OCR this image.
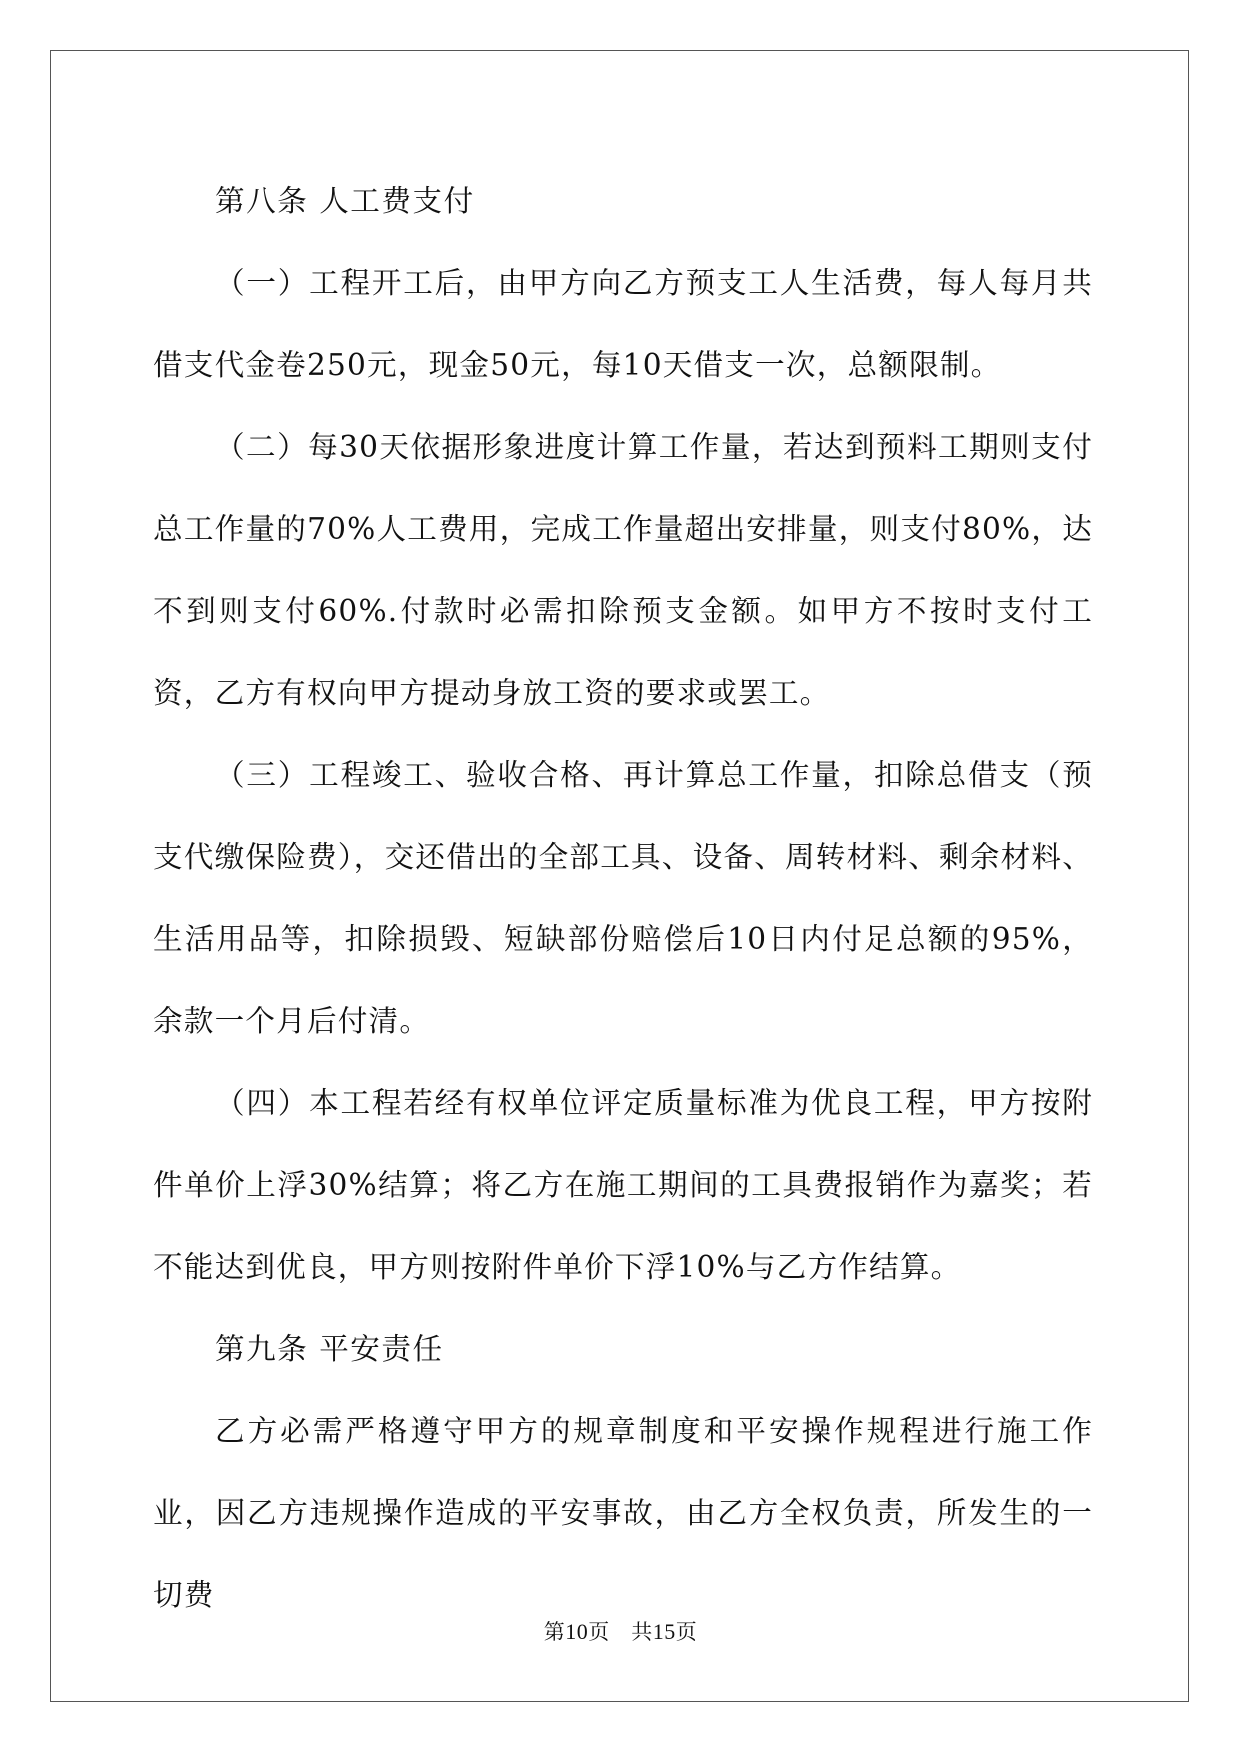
第八条 人工费支付

（一）工程开工后，由甲方向乙方预支工人生活费，每人每月共借支代金卷250元，现金50元，每10天借支一次，总额限制。

（二）每30天依据形象进度计算工作量，若达到预料工期则支付总工作量的70%人工费用，完成工作量超出安排量，则支付80%，达不到则支付60%.付款时必需扣除预支金额。如甲方不按时支付工资，乙方有权向甲方提动身放工资的要求或罢工。

（三）工程竣工、验收合格、再计算总工作量，扣除总借支（预支代缴保险费），交还借出的全部工具、设备、周转材料、剩余材料、生活用品等，扣除损毁、短缺部份赔偿后10日内付足总额的95%，余款一个月后付清。

（四）本工程若经有权单位评定质量标准为优良工程，甲方按附件单价上浮30%结算；将乙方在施工期间的工具费报销作为嘉奖；若不能达到优良，甲方则按附件单价下浮10%与乙方作结算。

第九条 平安责任

乙方必需严格遵守甲方的规章制度和平安操作规程进行施工作业，因乙方违规操作造成的平安事故，由乙方全权负责，所发生的一切费

第10页　共15页
